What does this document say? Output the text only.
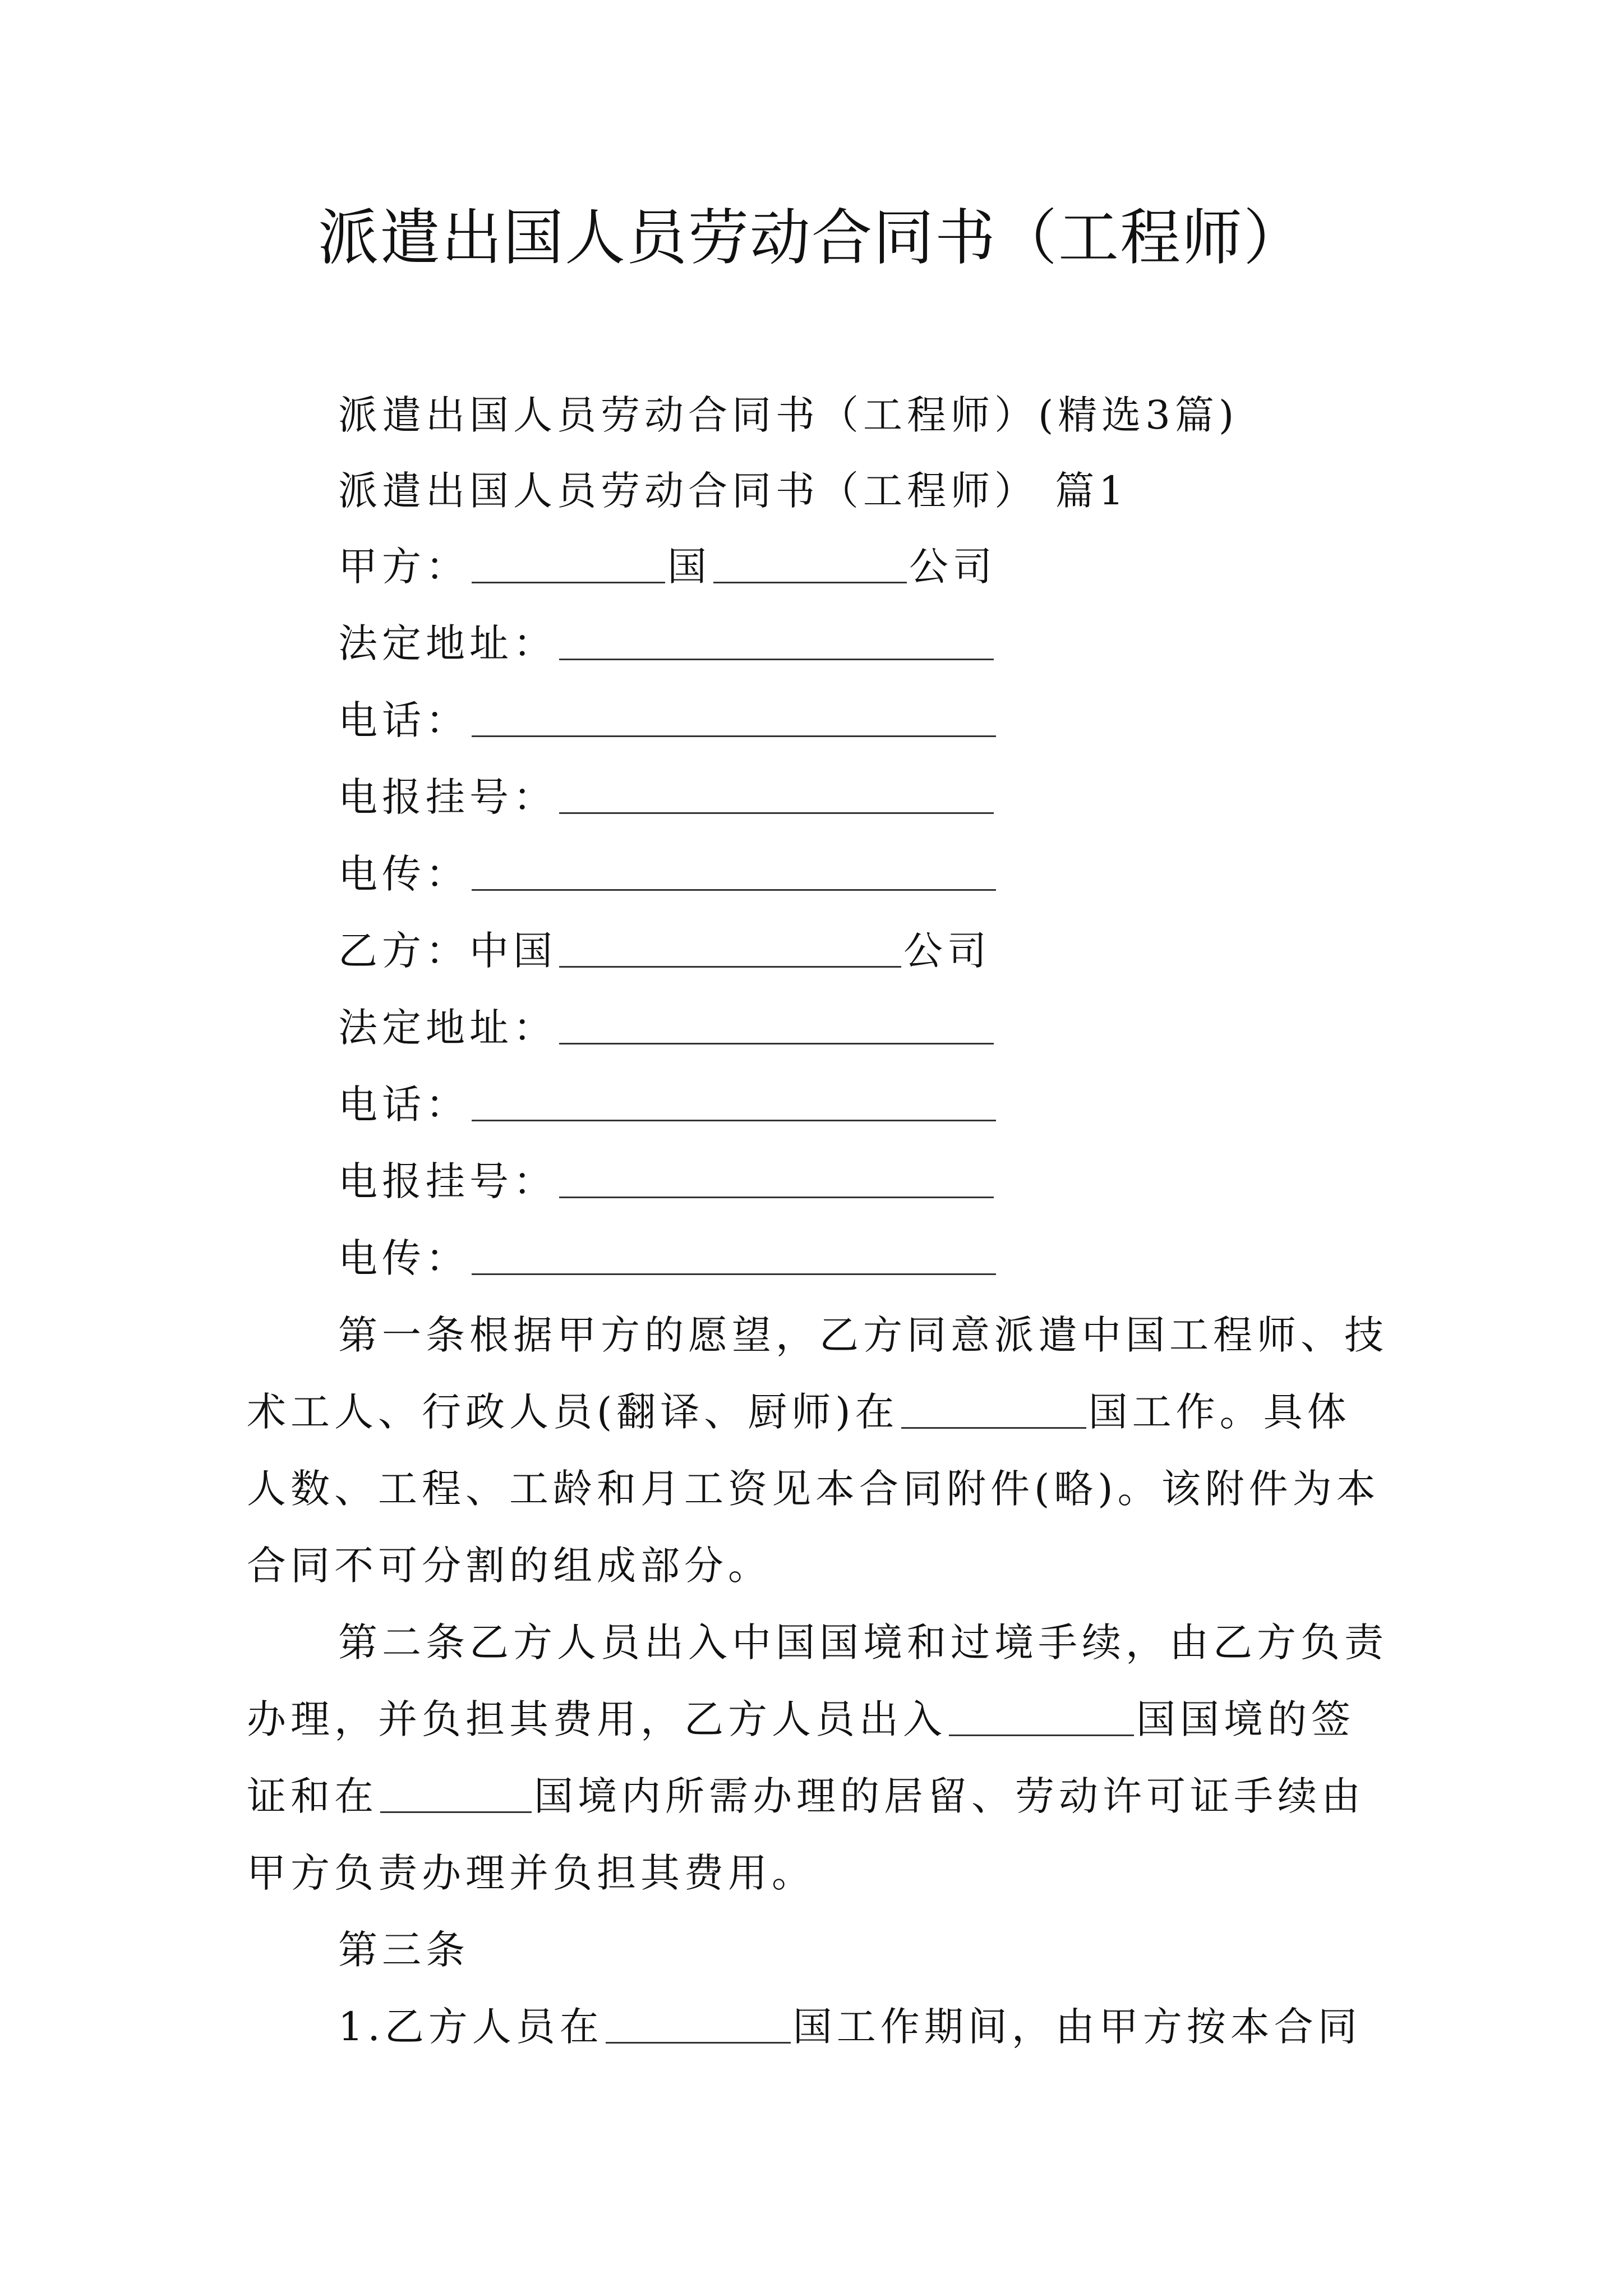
派遣出国人员劳动合同书（工程师）
派遣出国人员劳动合同书（工程师）(精选3篇)
派遣出国人员劳动合同书（工程师） 篇1
甲方：	国	公司
法定地址：
电话：
电报挂号：
电传：
乙方：中国	公司
法定地址：
电话：
电报挂号：
电传：
第一条根据甲方的愿望，乙方同意派遣中国工程师、技
术工人、行政人员(翻译、厨师)在	国工作。具体
人数、工程、工龄和月工资见本合同附件(略)。该附件为本
合同不可分割的组成部分。
第二条乙方人员出入中国国境和过境手续，由乙方负责
办理，并负担其费用，乙方人员出入	国国境的签
证和在	国境内所需办理的居留、劳动许可证手续由
甲方负责办理并负担其费用。
第三条
1.乙方人员在	国工作期间，由甲方按本合同
